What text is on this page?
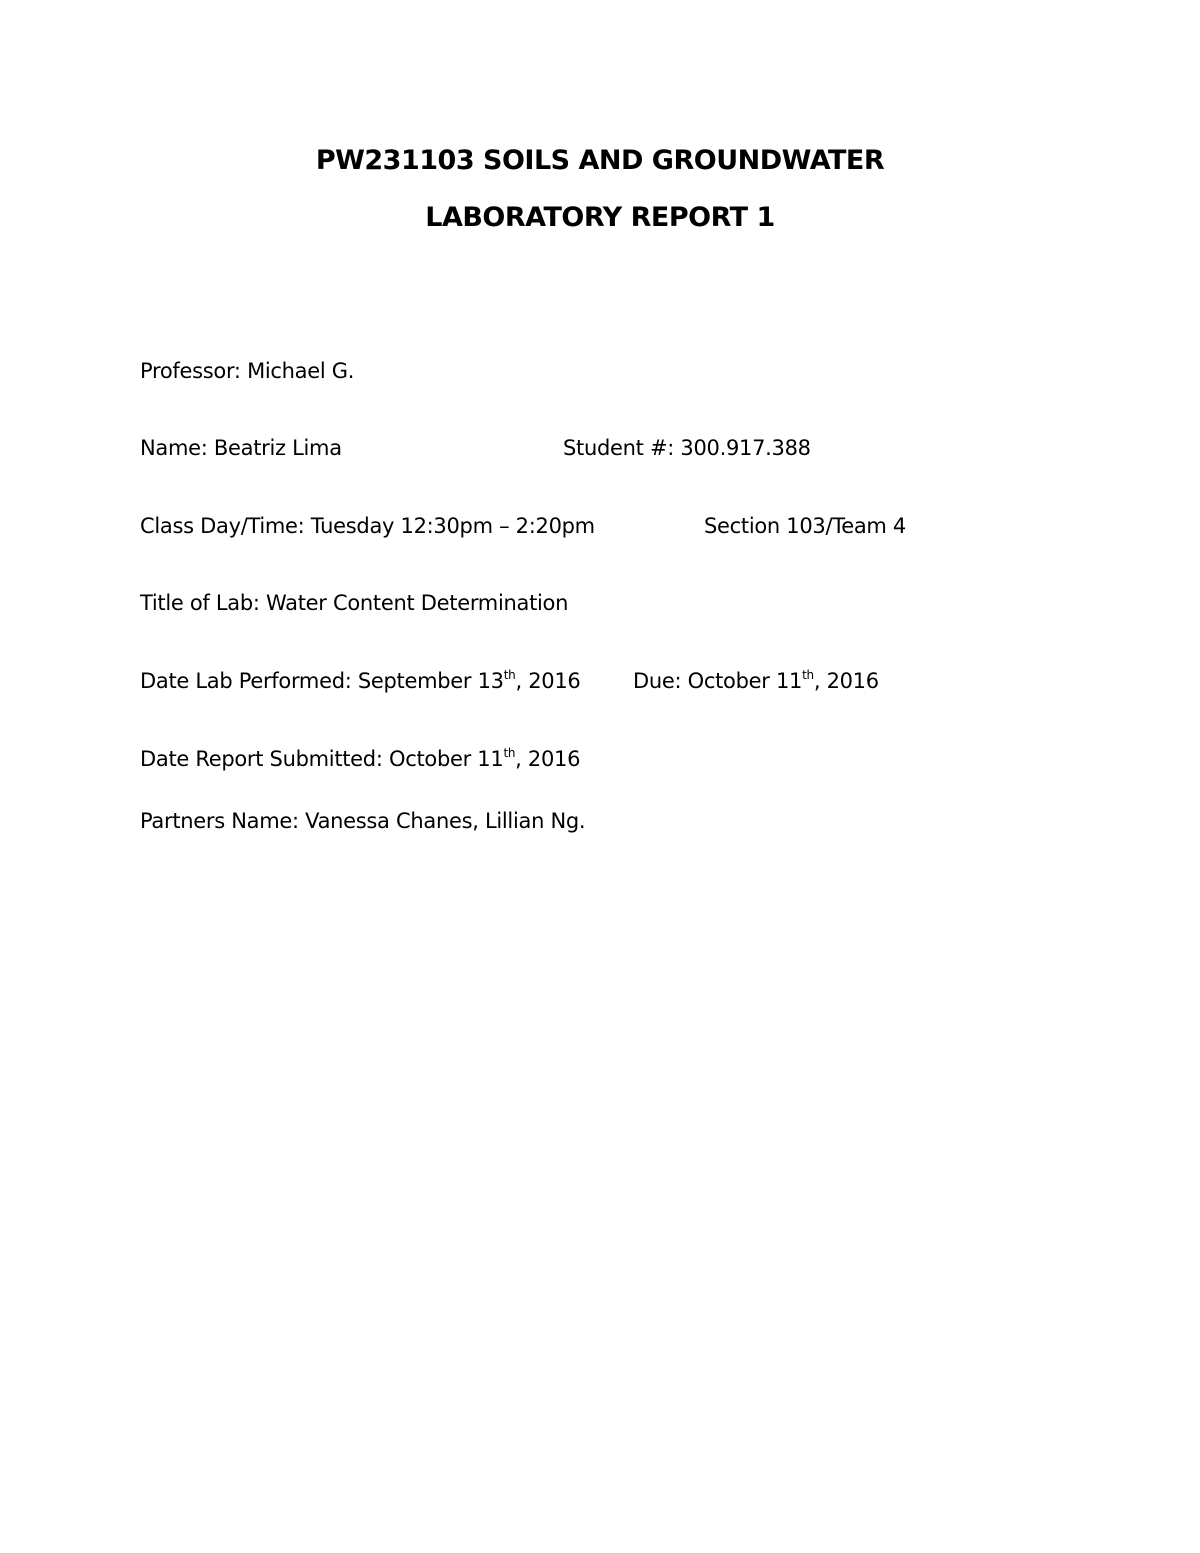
PW231103 SOILS AND GROUNDWATER
LABORATORY REPORT 1
Professor: Michael G.
Name: Beatriz Lima	Student #: 300.917.388
Class Day/Time: Tuesday 12:30pm – 2:20pm	Section 103/Team 4
Title of Lab: Water Content Determination
Date Lab Performed: September 13th, 2016	Due: October 11th, 2016
Date Report Submitted: October 11th, 2016
Partners Name: Vanessa Chanes, Lillian Ng.
